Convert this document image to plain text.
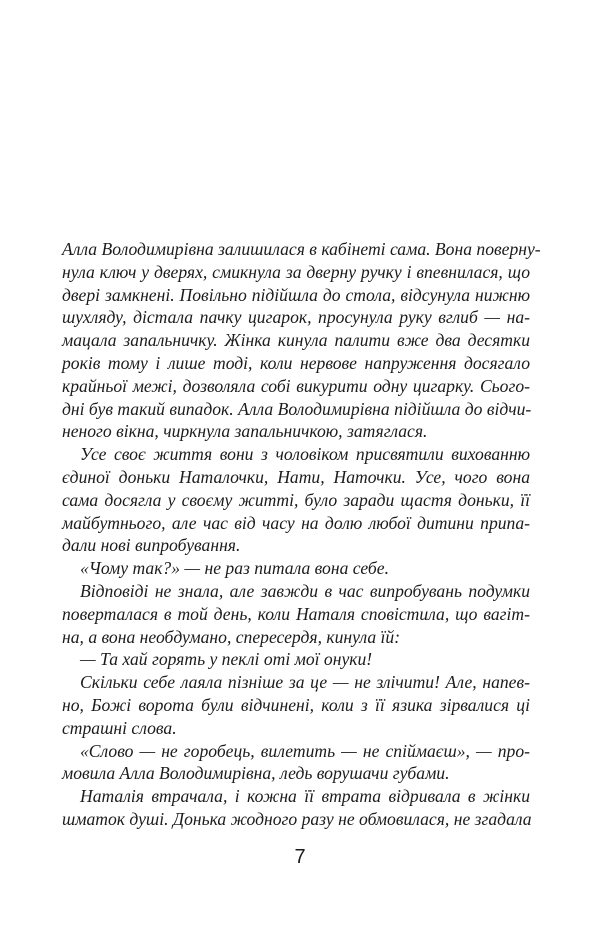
Алла Володимирівна залишилася в кабінеті сама. Вона поверну-
нула ключ у дверях, смикнула за дверну ручку і впевнилася, що
двері замкнені. Повільно підійшла до стола, відсунула нижню
шухляду, дістала пачку цигарок, просунула руку вглиб — на-
мацала запальничку. Жінка кинула палити вже два десятки
років тому і лише тоді, коли нервове напруження досягало
крайньої межі, дозволяла собі викурити одну цигарку. Сього-
дні був такий випадок. Алла Володимирівна підійшла до відчи-
неного вікна, чиркнула запальничкою, затяглася.
Усе своє життя вони з чоловіком присвятили вихованню
єдиної доньки Наталочки, Нати, Наточки. Усе, чого вона
сама досягла у своєму житті, було заради щастя доньки, її
майбутнього, але час від часу на долю любої дитини припа-
дали нові випробування.
«Чому так?» — не раз питала вона себе.
Відповіді не знала, але завжди в час випробувань подумки
поверталася в той день, коли Наталя сповістила, що вагіт-
на, а вона необдумано, спересердя, кинула їй:
— Та хай горять у пеклі оті мої онуки!
Скільки себе лаяла пізніше за це — не злічити! Але, напев-
но, Божі ворота були відчинені, коли з її язика зірвалися ці
страшні слова.
«Слово — не горобець, вилетить — не спіймаєш», — про-
мовила Алла Володимирівна, ледь ворушачи губами.
Наталія втрачала, і кожна її втрата відривала в жінки
шматок душі. Донька жодного разу не обмовилася, не згадала
7
